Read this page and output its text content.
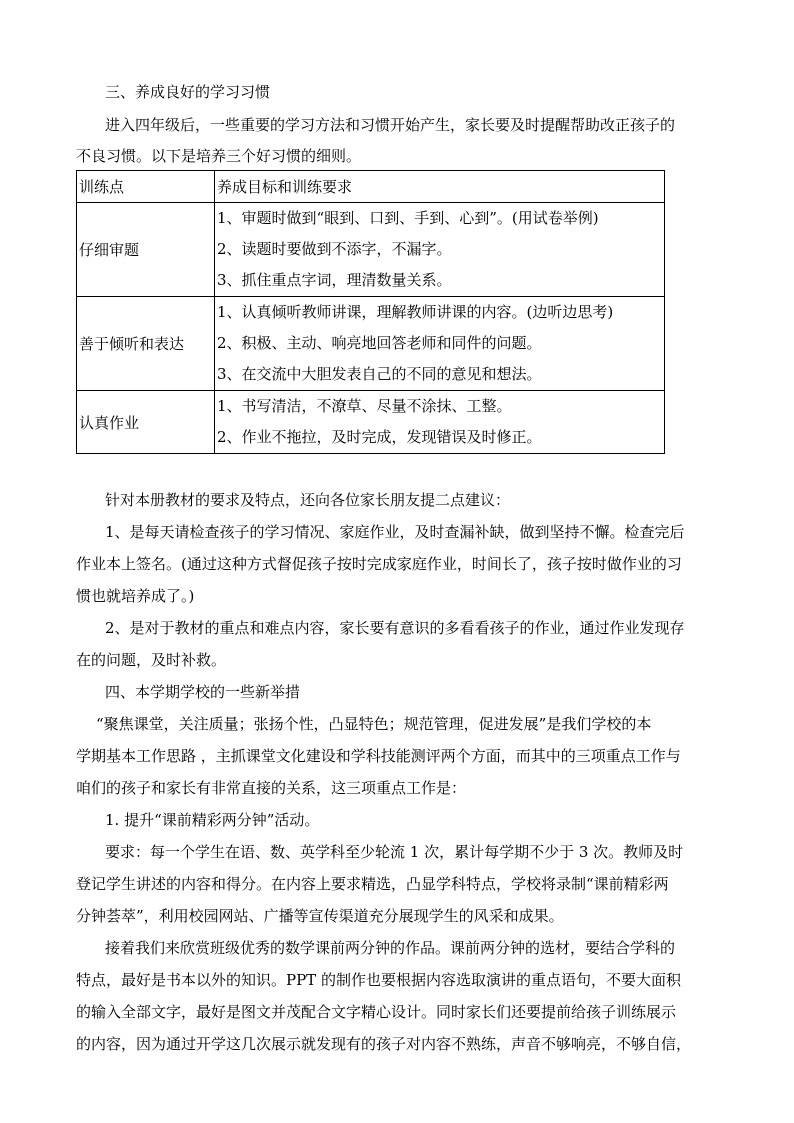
三、养成良好的学习习惯
进入四年级后，一些重要的学习方法和习惯开始产生，家长要及时提醒帮助改正孩子的
不良习惯。以下是培养三个好习惯的细则。
训练点	养成目标和训练要求
仔细审题	1、审题时做到“眼到、口到、手到、心到”。(用试卷举例)
2、读题时要做到不添字，不漏字。
3、抓住重点字词，理清数量关系。

善于倾听和表达	1、认真倾听教师讲课，理解教师讲课的内容。(边听边思考)
2、积极、主动、响亮地回答老师和同件的问题。
3、在交流中大胆发表自己的不同的意见和想法。

认真作业	1、书写清洁，不潦草、尽量不涂抹、工整。
2、作业不拖拉，及时完成，发现错误及时修正。
针对本册教材的要求及特点，还向各位家长朋友提二点建议：
1、是每天请检查孩子的学习情况、家庭作业，及时查漏补缺，做到坚持不懈。检查完后
作业本上签名。(通过这种方式督促孩子按时完成家庭作业，时间长了，孩子按时做作业的习
惯也就培养成了。)
2、是对于教材的重点和难点内容，家长要有意识的多看看孩子的作业，通过作业发现存
在的问题，及时补救。
四、本学期学校的一些新举措
“聚焦课堂，关注质量；张扬个性，凸显特色；规范管理，促进发展”是我们学校的本
学期基本工作思路 ，主抓课堂文化建设和学科技能测评两个方面，而其中的三项重点工作与
咱们的孩子和家长有非常直接的关系，这三项重点工作是：
1. 提升“课前精彩两分钟”活动。
要求：每一个学生在语、数、英学科至少轮流 1 次，累计每学期不少于 3 次。教师及时
登记学生讲述的内容和得分。在内容上要求精选，凸显学科特点，学校将录制“课前精彩两
分钟荟萃”，利用校园网站、广播等宣传渠道充分展现学生的风采和成果。
接着我们来欣赏班级优秀的数学课前两分钟的作品。课前两分钟的选材，要结合学科的
特点，最好是书本以外的知识。PPT 的制作也要根据内容选取演讲的重点语句，不要大面积
的输入全部文字，最好是图文并茂配合文字精心设计。同时家长们还要提前给孩子训练展示
的内容，因为通过开学这几次展示就发现有的孩子对内容不熟练，声音不够响亮，不够自信，
